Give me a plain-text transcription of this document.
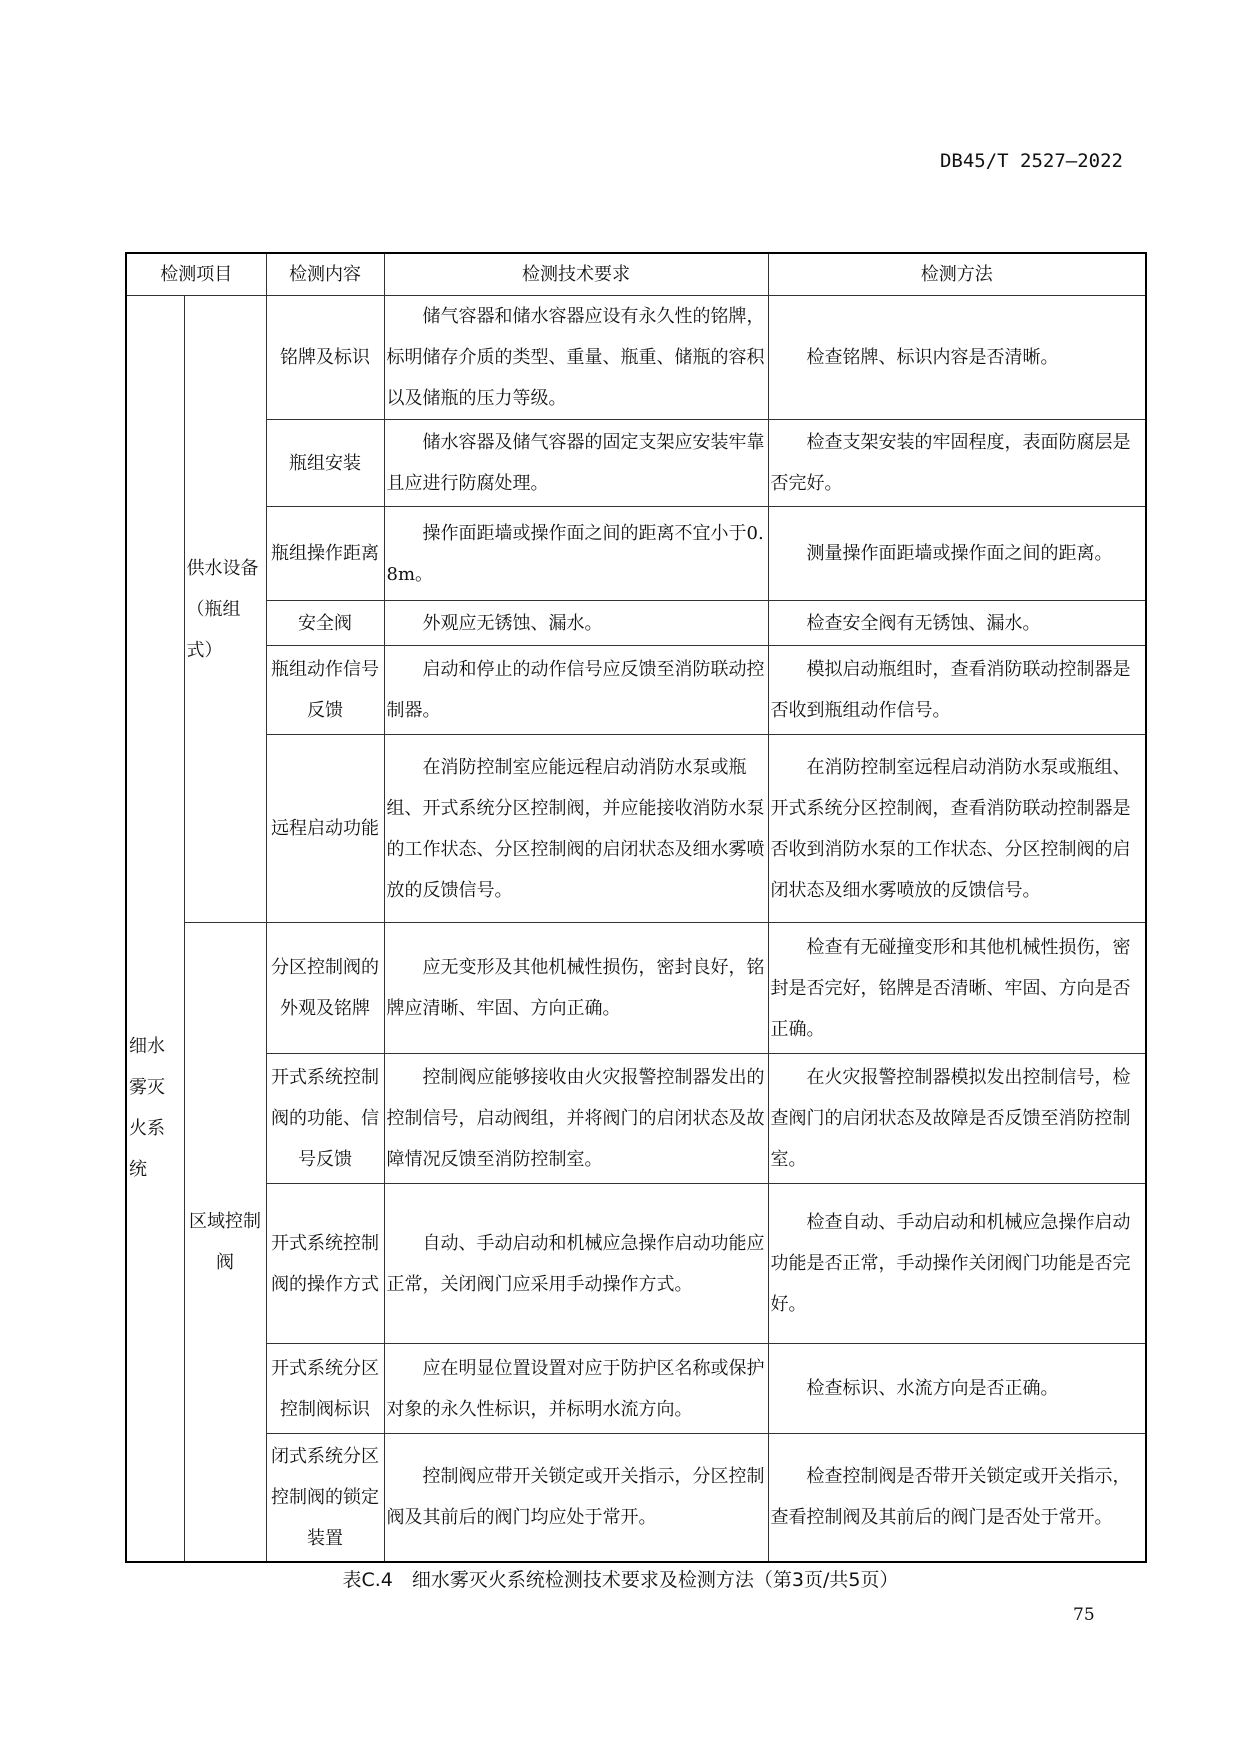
DB45/T 2527—2022
检测项目		检测内容	检测技术要求	检测方法
细水雾灭火系统	供水设备（瓶组式）	铭牌及标识	储气容器和储水容器应设有永久性的铭牌，标明储存介质的类型、重量、瓶重、储瓶的容积以及储瓶的压力等级。	检查铭牌、标识内容是否清晰。
		瓶组安装	储水容器及储气容器的固定支架应安装牢靠且应进行防腐处理。	检查支架安装的牢固程度，表面防腐层是否完好。
		瓶组操作距离	操作面距墙或操作面之间的距离不宜小于0.8m。	测量操作面距墙或操作面之间的距离。
		安全阀	外观应无锈蚀、漏水。	检查安全阀有无锈蚀、漏水。
		瓶组动作信号反馈	启动和停止的动作信号应反馈至消防联动控制器。	模拟启动瓶组时，查看消防联动控制器是否收到瓶组动作信号。
		远程启动功能	在消防控制室应能远程启动消防水泵或瓶组、开式系统分区控制阀，并应能接收消防水泵的工作状态、分区控制阀的启闭状态及细水雾喷放的反馈信号。	在消防控制室远程启动消防水泵或瓶组、开式系统分区控制阀，查看消防联动控制器是否收到消防水泵的工作状态、分区控制阀的启闭状态及细水雾喷放的反馈信号。
	区域控制阀	分区控制阀的外观及铭牌	应无变形及其他机械性损伤，密封良好，铭牌应清晰、牢固、方向正确。	检查有无碰撞变形和其他机械性损伤，密封是否完好，铭牌是否清晰、牢固、方向是否正确。
		开式系统控制阀的功能、信号反馈	控制阀应能够接收由火灾报警控制器发出的控制信号，启动阀组，并将阀门的启闭状态及故障情况反馈至消防控制室。	在火灾报警控制器模拟发出控制信号，检查阀门的启闭状态及故障是否反馈至消防控制室。
		开式系统控制阀的操作方式	自动、手动启动和机械应急操作启动功能应正常，关闭阀门应采用手动操作方式。	检查自动、手动启动和机械应急操作启动功能是否正常，手动操作关闭阀门功能是否完好。
		开式系统分区控制阀标识	应在明显位置设置对应于防护区名称或保护对象的永久性标识，并标明水流方向。	检查标识、水流方向是否正确。
		闭式系统分区控制阀的锁定装置	控制阀应带开关锁定或开关指示，分区控制阀及其前后的阀门均应处于常开。	检查控制阀是否带开关锁定或开关指示，查看控制阀及其前后的阀门是否处于常开。
表C.4　细水雾灭火系统检测技术要求及检测方法（第3页/共5页）
75
